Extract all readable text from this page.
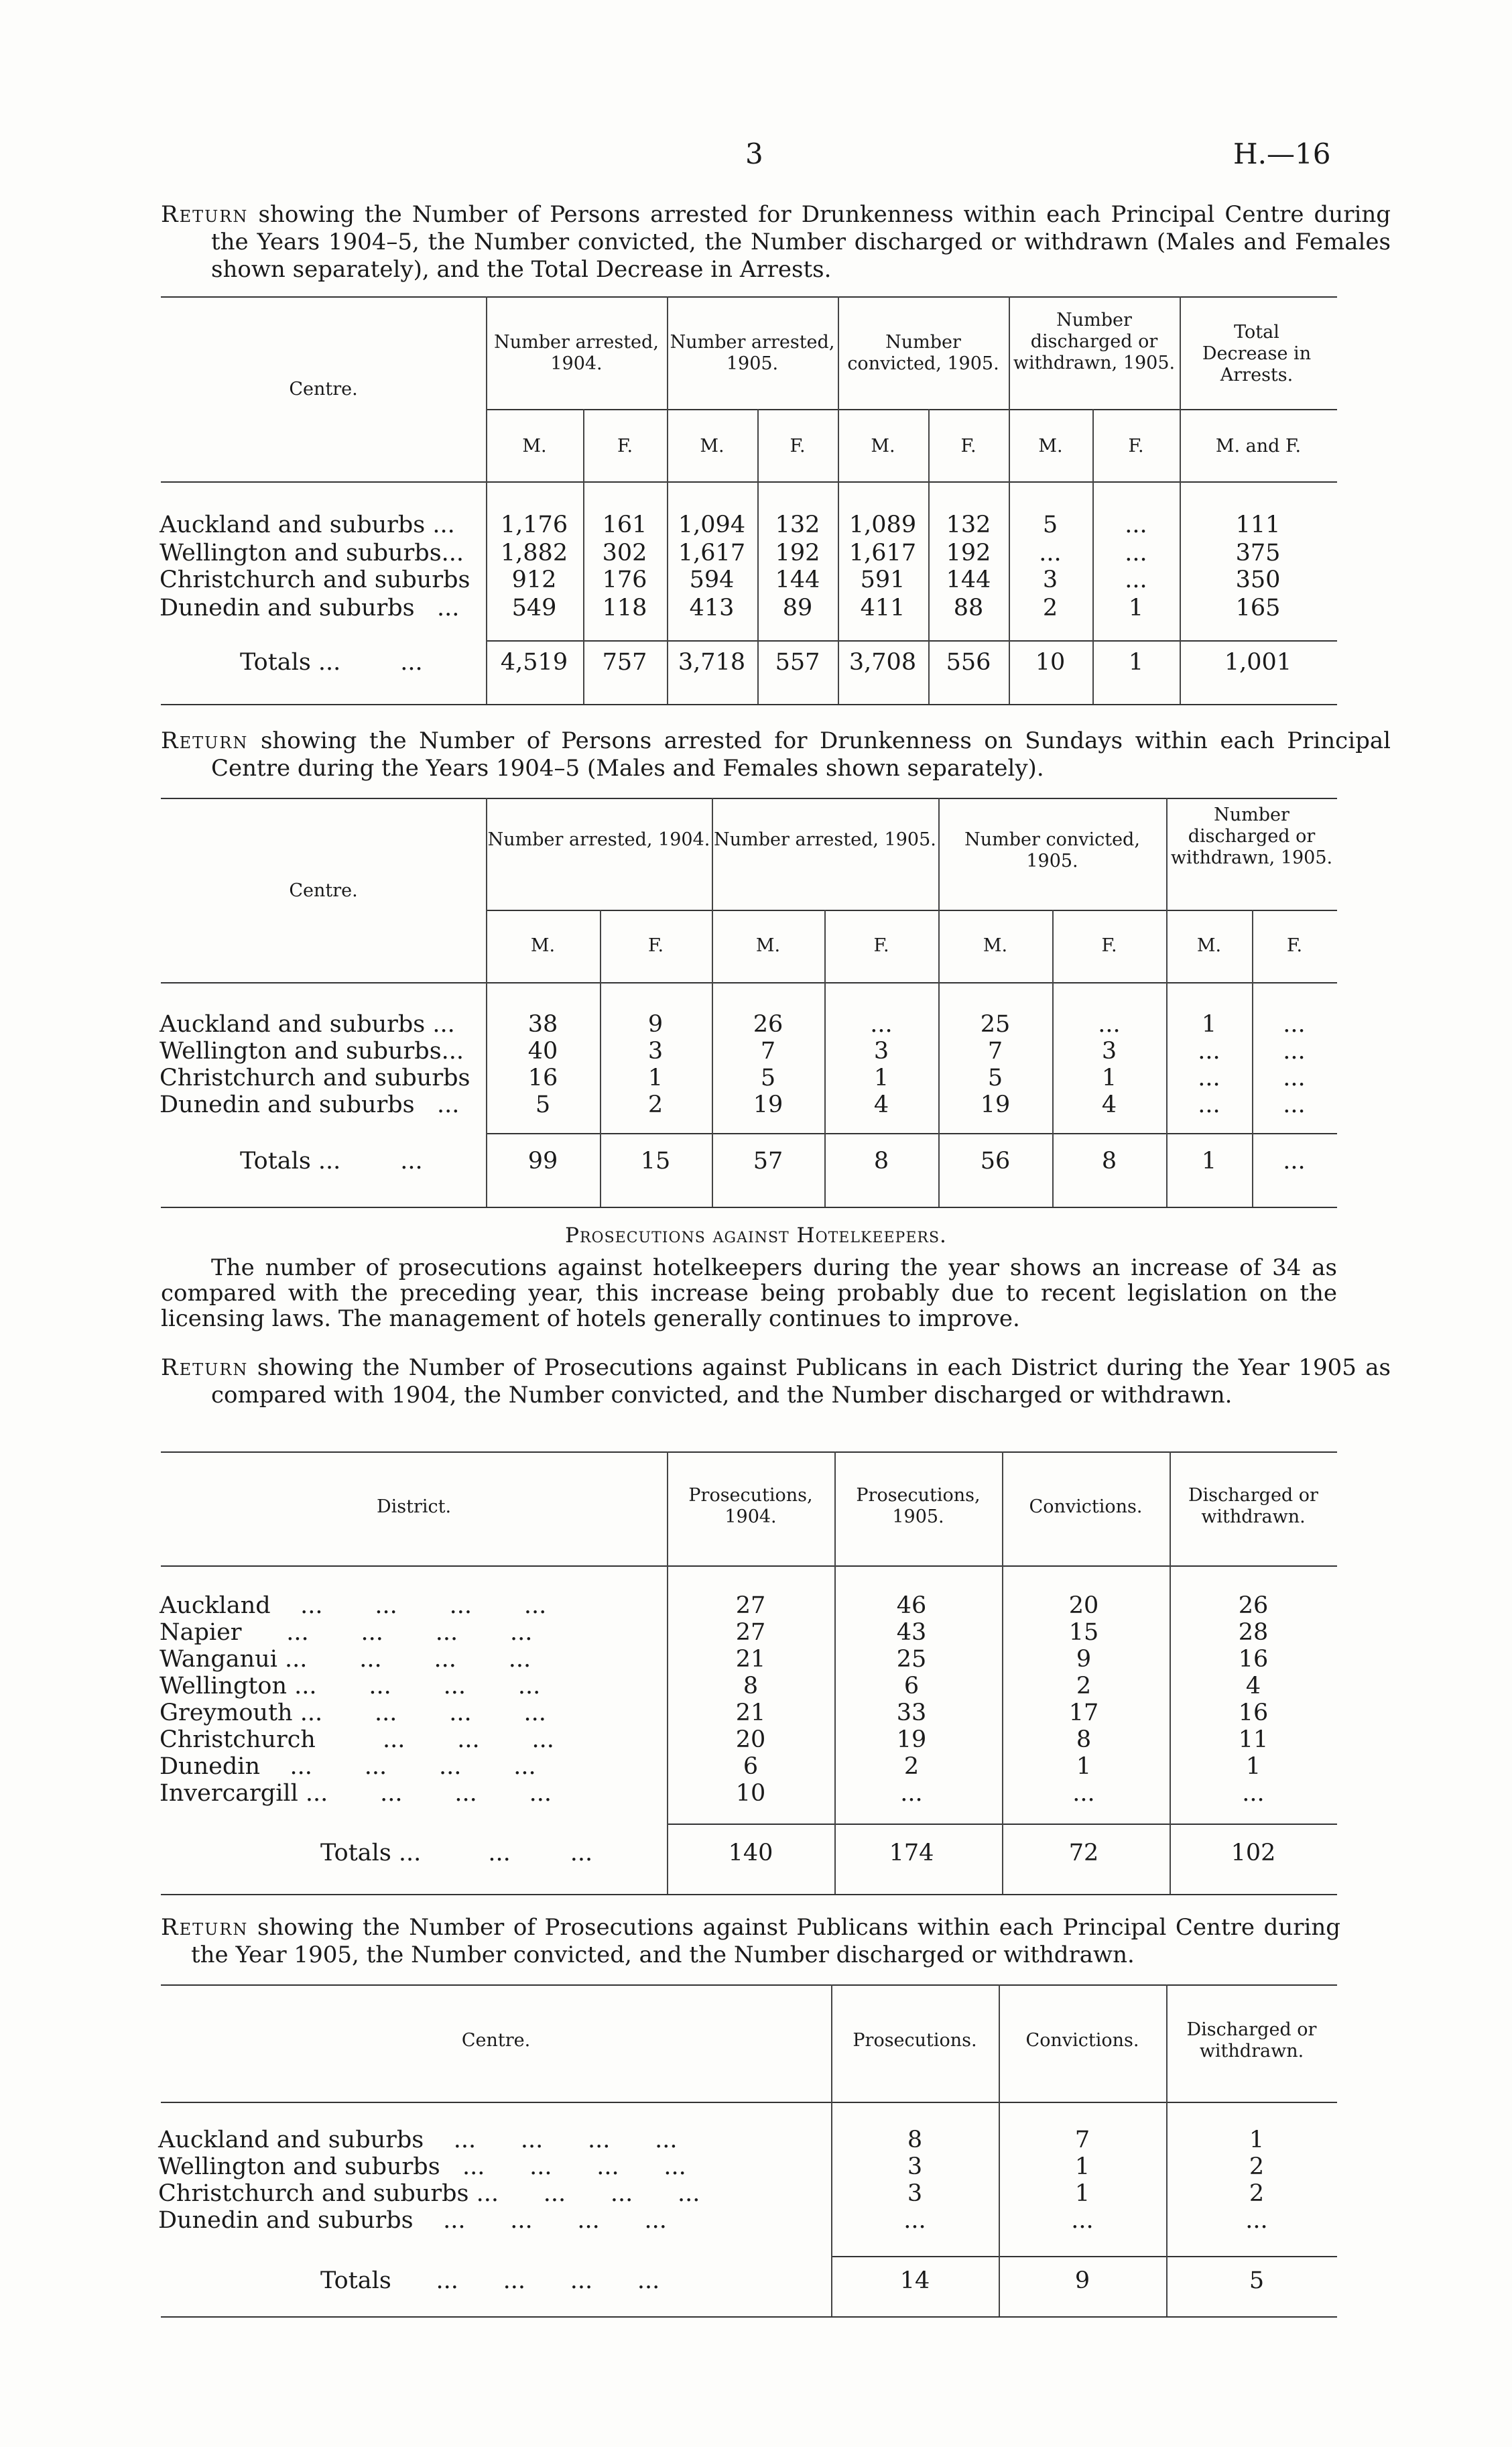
3	H.—16
Return showing the Number of Persons arrested for Drunkenness within each Principal Centre during the Years 1904–5, the Number convicted, the Number discharged or withdrawn (Males and Females shown separately), and the Total Decrease in Arrests.
Centre.
Number arrested, 1904.
Number arrested, 1905.
Number convicted, 1905.
Number discharged or withdrawn, 1905.
Total Decrease in Arrests.
M.	F.	M.	F.	M.	F.	M.	F.	M. and F.
Auckland and suburbs ...	1,176	161	1,094	132	1,089	132	5	...	111
Wellington and suburbs...	1,882	302	1,617	192	1,617	192	...	...	375
Christchurch and suburbs	912	176	594	144	591	144	3	...	350
Dunedin and suburbs   ...	549	118	413	89	411	88	2	1	165
Totals ...        ...	4,519	757	3,718	557	3,708	556	10	1	1,001
Return showing the Number of Persons arrested for Drunkenness on Sundays within each Principal Centre during the Years 1904–5 (Males and Females shown separately).
Centre.
Number arrested, 1904. Number arrested, 1905.	Number convicted, 1905.
Number discharged or withdrawn, 1905.
M.	F.	M.	F.	M.	F.	M.	F.
Auckland and suburbs ...	38	9	26	...	25	...	1	...
Wellington and suburbs...	40	3	7	3	7	3	...	...
Christchurch and suburbs	16	1	5	1	5	1	...	...
Dunedin and suburbs   ...	5	2	19	4	19	4	...	...
Totals ...        ...	99	15	57	8	56	8	1	...
Prosecutions against Hotelkeepers.
The number of prosecutions against hotelkeepers during the year shows an increase of 34 as compared with the preceding year, this increase being probably due to recent legislation on the licensing laws. The management of hotels generally continues to improve.
Return showing the Number of Prosecutions against Publicans in each District during the Year 1905 as compared with 1904, the Number convicted, and the Number discharged or withdrawn.
District.
Prosecutions, 1904.
Prosecutions, 1905.	Convictions.
Discharged or withdrawn.
Auckland    ...       ...       ...       ...	27	46	20	26
Napier      ...       ...       ...       ...	27	43	15	28
Wanganui ...       ...       ...       ...	21	25	9	16
Wellington ...       ...       ...       ...	8	6	2	4
Greymouth ...       ...       ...       ...	21	33	17	16
Christchurch         ...       ...       ...	20	19	8	11
Dunedin    ...       ...       ...       ...	6	2	1	1
Invercargill ...       ...       ...       ...	10	...	...	...
Totals ...         ...        ...	140	174	72	102
Return showing the Number of Prosecutions against Publicans within each Principal Centre during the Year 1905, the Number convicted, and the Number discharged or withdrawn.
Centre.	Prosecutions.	Convictions.
Discharged or withdrawn.
Auckland and suburbs    ...      ...      ...      ...	8	7	1
Wellington and suburbs   ...      ...      ...      ...	3	1	2
Christchurch and suburbs ...      ...      ...      ...	3	1	2
Dunedin and suburbs    ...      ...      ...      ...	...	...	...
Totals      ...      ...      ...      ...	14	9	5
